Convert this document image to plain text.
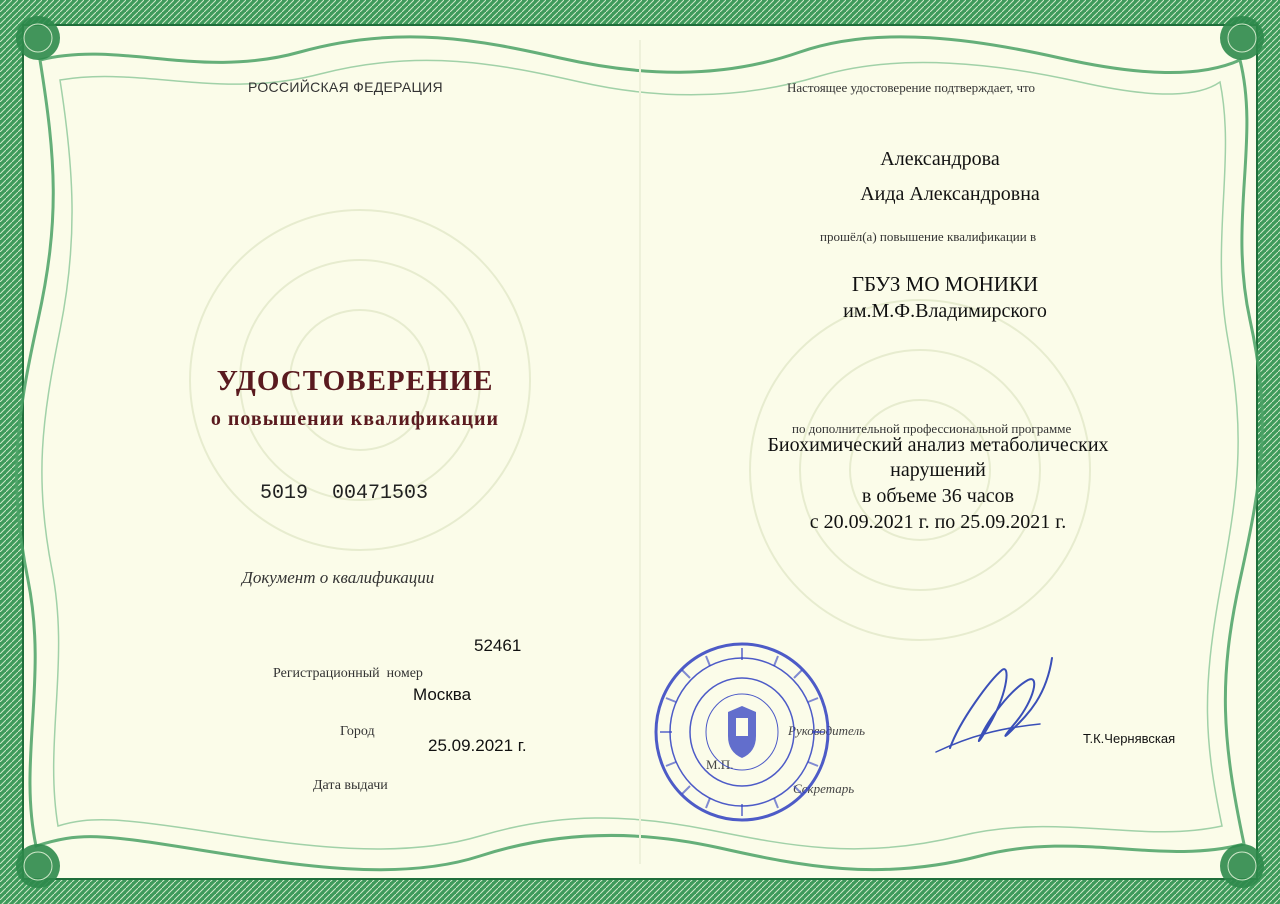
РОССИЙСКАЯ ФЕДЕРАЦИЯ
УДОСТОВЕРЕНИЕ
о повышении квалификации
5019  00471503
Документ о квалификации
52461
Регистрационный  номер
Москва
Город
25.09.2021 г.
Дата выдачи
Настоящее удостоверение подтверждает, что
Александрова
Аида Александровна
прошёл(а) повышение квалификации в
ГБУЗ МО МОНИКИ
им.М.Ф.Владимирского
по дополнительной профессиональной программе
Биохимический анализ метаболических
нарушений
в объеме 36 часов
с 20.09.2021 г. по 25.09.2021 г.
Руководитель
Т.К.Чернявская
М.П.
Секретарь
